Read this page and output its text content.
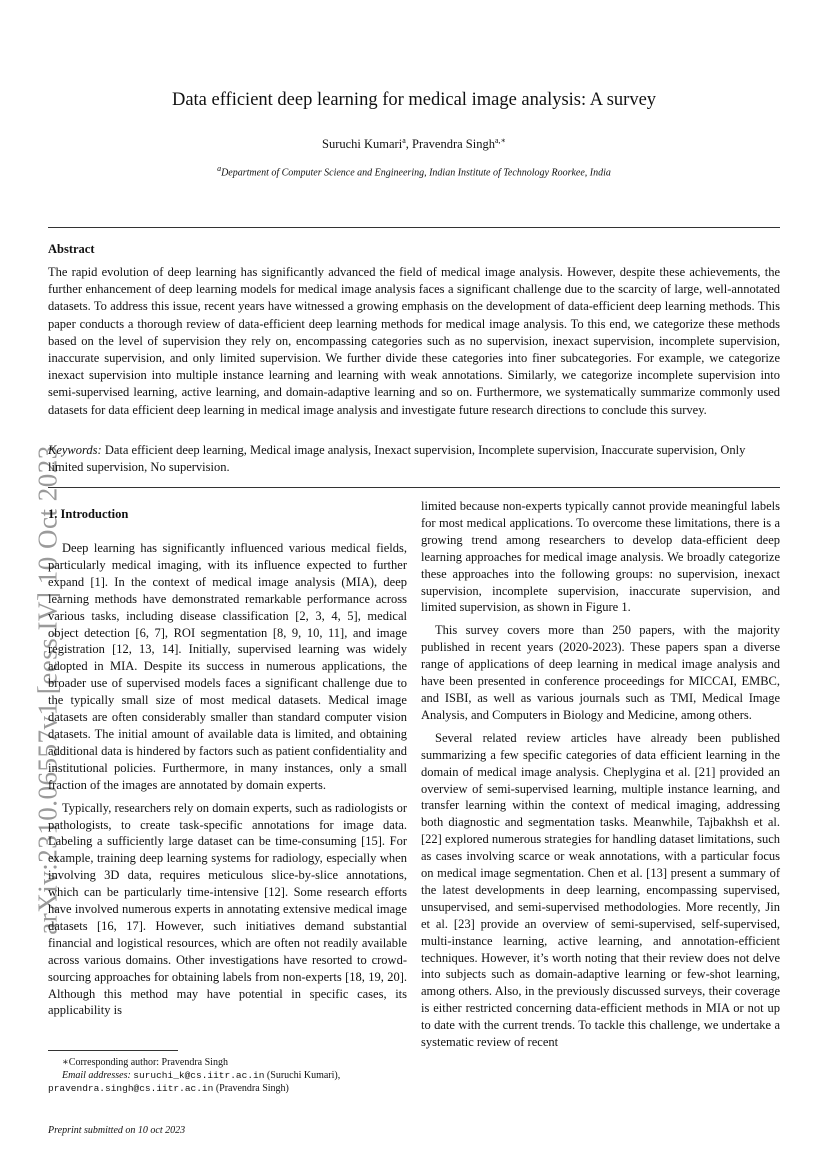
arXiv:2310.06557v1 [eess.IV] 10 Oct 2023
Data efficient deep learning for medical image analysis: A survey
Suruchi Kumari$^a$, Pravendra Singh$^{a,∗}$
$^a$Department of Computer Science and Engineering, Indian Institute of Technology Roorkee, India
Abstract
The rapid evolution of deep learning has significantly advanced the field of medical image analysis. However, despite these achievements, the further enhancement of deep learning models for medical image analysis faces a significant challenge due to the scarcity of large, well-annotated datasets. To address this issue, recent years have witnessed a growing emphasis on the development of data-efficient deep learning methods. This paper conducts a thorough review of data-efficient deep learning methods for medical image analysis. To this end, we categorize these methods based on the level of supervision they rely on, encompassing categories such as no supervision, inexact supervision, incomplete supervision, inaccurate supervision, and only limited supervision. We further divide these categories into finer subcategories. For example, we categorize inexact supervision into multiple instance learning and learning with weak annotations. Similarly, we categorize incomplete supervision into semi-supervised learning, active learning, and domain-adaptive learning and so on. Furthermore, we systematically summarize commonly used datasets for data efficient deep learning in medical image analysis and investigate future research directions to conclude this survey.
Keywords: Data efficient deep learning, Medical image analysis, Inexact supervision, Incomplete supervision, Inaccurate supervision, Only limited supervision, No supervision.
1. Introduction

Deep learning has significantly influenced various medical fields, particularly medical imaging, with its influence expected to further expand [1]. In the context of medical image analysis (MIA), deep learning methods have demonstrated remarkable performance across various tasks, including disease classification [2, 3, 4, 5], medical object detection [6, 7], ROI segmentation [8, 9, 10, 11], and image registration [12, 13, 14]. Initially, supervised learning was widely adopted in MIA. Despite its success in numerous applications, the broader use of supervised models faces a significant challenge due to the typically small size of most medical datasets. Medical image datasets are often considerably smaller than standard computer vision datasets. The initial amount of available data is limited, and obtaining additional data is hindered by factors such as patient confidentiality and institutional policies. Furthermore, in many instances, only a small fraction of the images are annotated by domain experts.

Typically, researchers rely on domain experts, such as radiologists or pathologists, to create task-specific annotations for image data. Labeling a sufficiently large dataset can be time-consuming [15]. For example, training deep learning systems for radiology, especially when involving 3D data, requires meticulous slice-by-slice annotations, which can be particularly time-intensive [12]. Some research efforts have involved numerous experts in annotating extensive medical image datasets [16, 17]. However, such initiatives demand substantial financial and logistical resources, which are often not readily available across various domains. Other investigations have resorted to crowd-sourcing approaches for obtaining labels from non-experts [18, 19, 20]. Although this method may have potential in specific cases, its applicability is

limited because non-experts typically cannot provide meaningful labels for most medical applications. To overcome these limitations, there is a growing trend among researchers to develop data-efficient deep learning approaches for medical image analysis. We broadly categorize these approaches into the following groups: no supervision, inexact supervision, incomplete supervision, inaccurate supervision, and limited supervision, as shown in Figure 1.

This survey covers more than 250 papers, with the majority published in recent years (2020-2023). These papers span a diverse range of applications of deep learning in medical image analysis and have been presented in conference proceedings for MICCAI, EMBC, and ISBI, as well as various journals such as TMI, Medical Image Analysis, and Computers in Biology and Medicine, among others.

Several related review articles have already been published summarizing a few specific categories of data efficient learning in the domain of medical image analysis. Cheplygina et al. [21] provided an overview of semi-supervised learning, multiple instance learning, and transfer learning within the context of medical imaging, addressing both diagnostic and segmentation tasks. Meanwhile, Tajbakhsh et al. [22] explored numerous strategies for handling dataset limitations, such as cases involving scarce or weak annotations, with a particular focus on medical image segmentation. Chen et al. [13] present a summary of the latest developments in deep learning, encompassing supervised, unsupervised, and semi-supervised methodologies. More recently, Jin et al. [23] provide an overview of semi-supervised, self-supervised, multi-instance learning, active learning, and annotation-efficient techniques. However, it’s worth noting that their review does not delve into subjects such as domain-adaptive learning or few-shot learning, among others. Also, in the previously discussed surveys, their coverage is either restricted concerning data-efficient methods in MIA or not up to date with the current trends. To tackle this challenge, we undertake a systematic review of recent

∗Corresponding author: Pravendra Singh
Email addresses: suruchi_k@cs.iitr.ac.in (Suruchi Kumari),
pravendra.singh@cs.iitr.ac.in (Pravendra Singh)
Preprint submitted on 10 oct 2023
